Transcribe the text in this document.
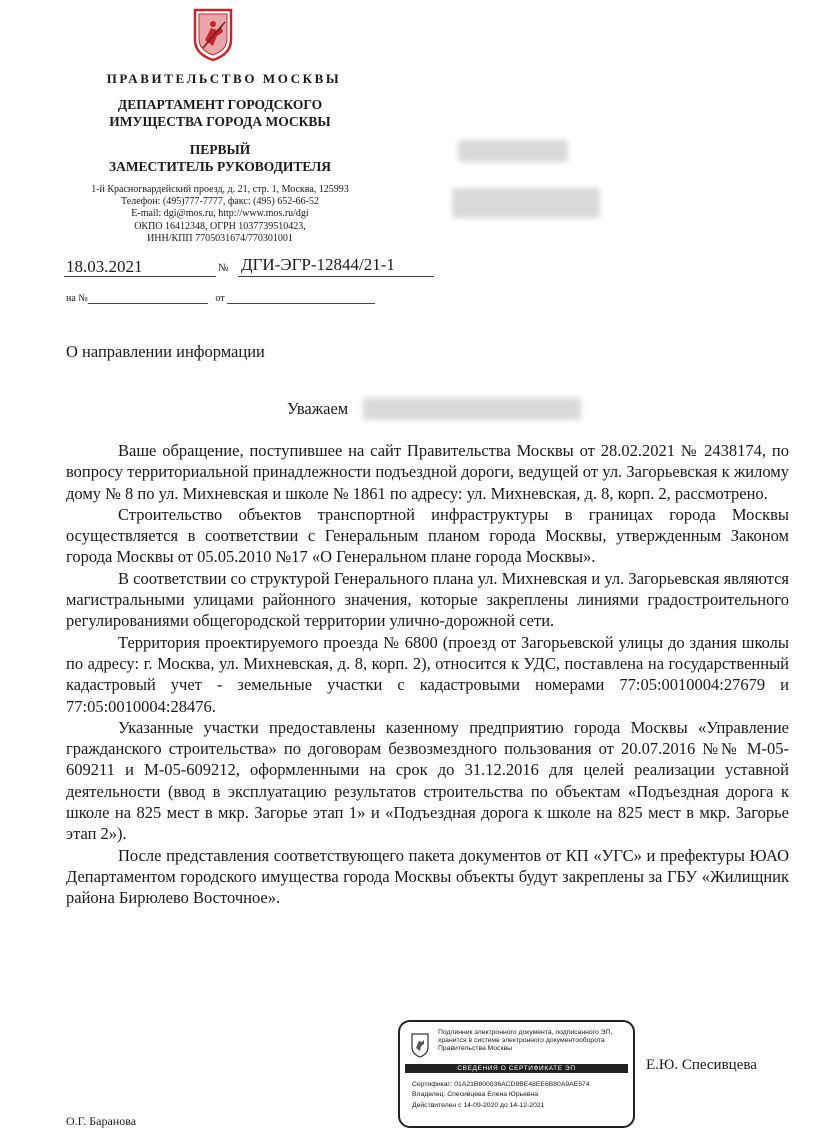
ПРАВИТЕЛЬСТВО МОСКВЫ
ДЕПАРТАМЕНТ ГОРОДСКОГО
ИМУЩЕСТВА ГОРОДА МОСКВЫ
ПЕРВЫЙ
ЗАМЕСТИТЕЛЬ РУКОВОДИТЕЛЯ
1-й Красногвардейский проезд, д. 21, стр. 1, Москва, 125993
Телефон: (495)777-7777, факс: (495) 652-66-52
E-mail: dgi@mos.ru, http://www.mos.ru/dgi
ОКПО 16412348, ОГРН 1037739510423,
ИНН/КПП 7705031674/770301001
18.03.2021	№ ДГИ-ЭГР-12844/21-1
на №	от
О направлении информации
Уважаем

Ваше обращение, поступившее на сайт Правительства Москвы от 28.02.2021 № 2438174, по вопросу территориальной принадлежности подъездной дороги, ведущей от ул. Загорьевская к жилому дому № 8 по ул. Михневская и школе № 1861 по адресу: ул. Михневская, д. 8, корп. 2, рассмотрено.

Строительство объектов транспортной инфраструктуры в границах города Москвы осуществляется в соответствии с Генеральным планом города Москвы, утвержденным Законом города Москвы от 05.05.2010 №17 «О Генеральном плане города Москвы».

В соответствии со структурой Генерального плана ул. Михневская и ул. Загорьевская являются магистральными улицами районного значения, которые закреплены линиями градостроительного регулированиями общегородской территории улично-дорожной сети.

Территория проектируемого проезда № 6800 (проезд от Загорьевской улицы до здания школы по адресу: г. Москва, ул. Михневская, д. 8, корп. 2), относится к УДС, поставлена на государственный кадастровый учет - земельные участки с кадастровыми номерами 77:05:0010004:27679 и 77:05:0010004:28476.

Указанные участки предоставлены казенному предприятию города Москвы «Управление гражданского строительства» по договорам безвозмездного пользования от 20.07.2016 №№ М-05-609211 и М-05-609212, оформленными на срок до 31.12.2016 для целей реализации уставной деятельности (ввод в эксплуатацию результатов строительства по объектам «Подъездная дорога к школе на 825 мест в мкр. Загорье этап 1» и «Подъездная дорога к школе на 825 мест в мкр. Загорье этап 2»).

После представления соответствующего пакета документов от КП «УГС» и префектуры ЮАО Департаментом городского имущества города Москвы объекты будут закреплены за ГБУ «Жилищник района Бирюлево Восточное».

Подлинник электронного документа, подписанного ЭП,
хранится в системе электронного документооборота
Правительства Москвы
СВЕДЕНИЯ О СЕРТИФИКАТЕ ЭП
Сертификат: 01A21B800036ACD9BE48EE6B80A9AE574
Владелец: Спесивцева Елена Юрьевна
Действителен с 14-09-2020 до 14-12-2021
Е.Ю. Спесивцева
О.Г. Баранова
